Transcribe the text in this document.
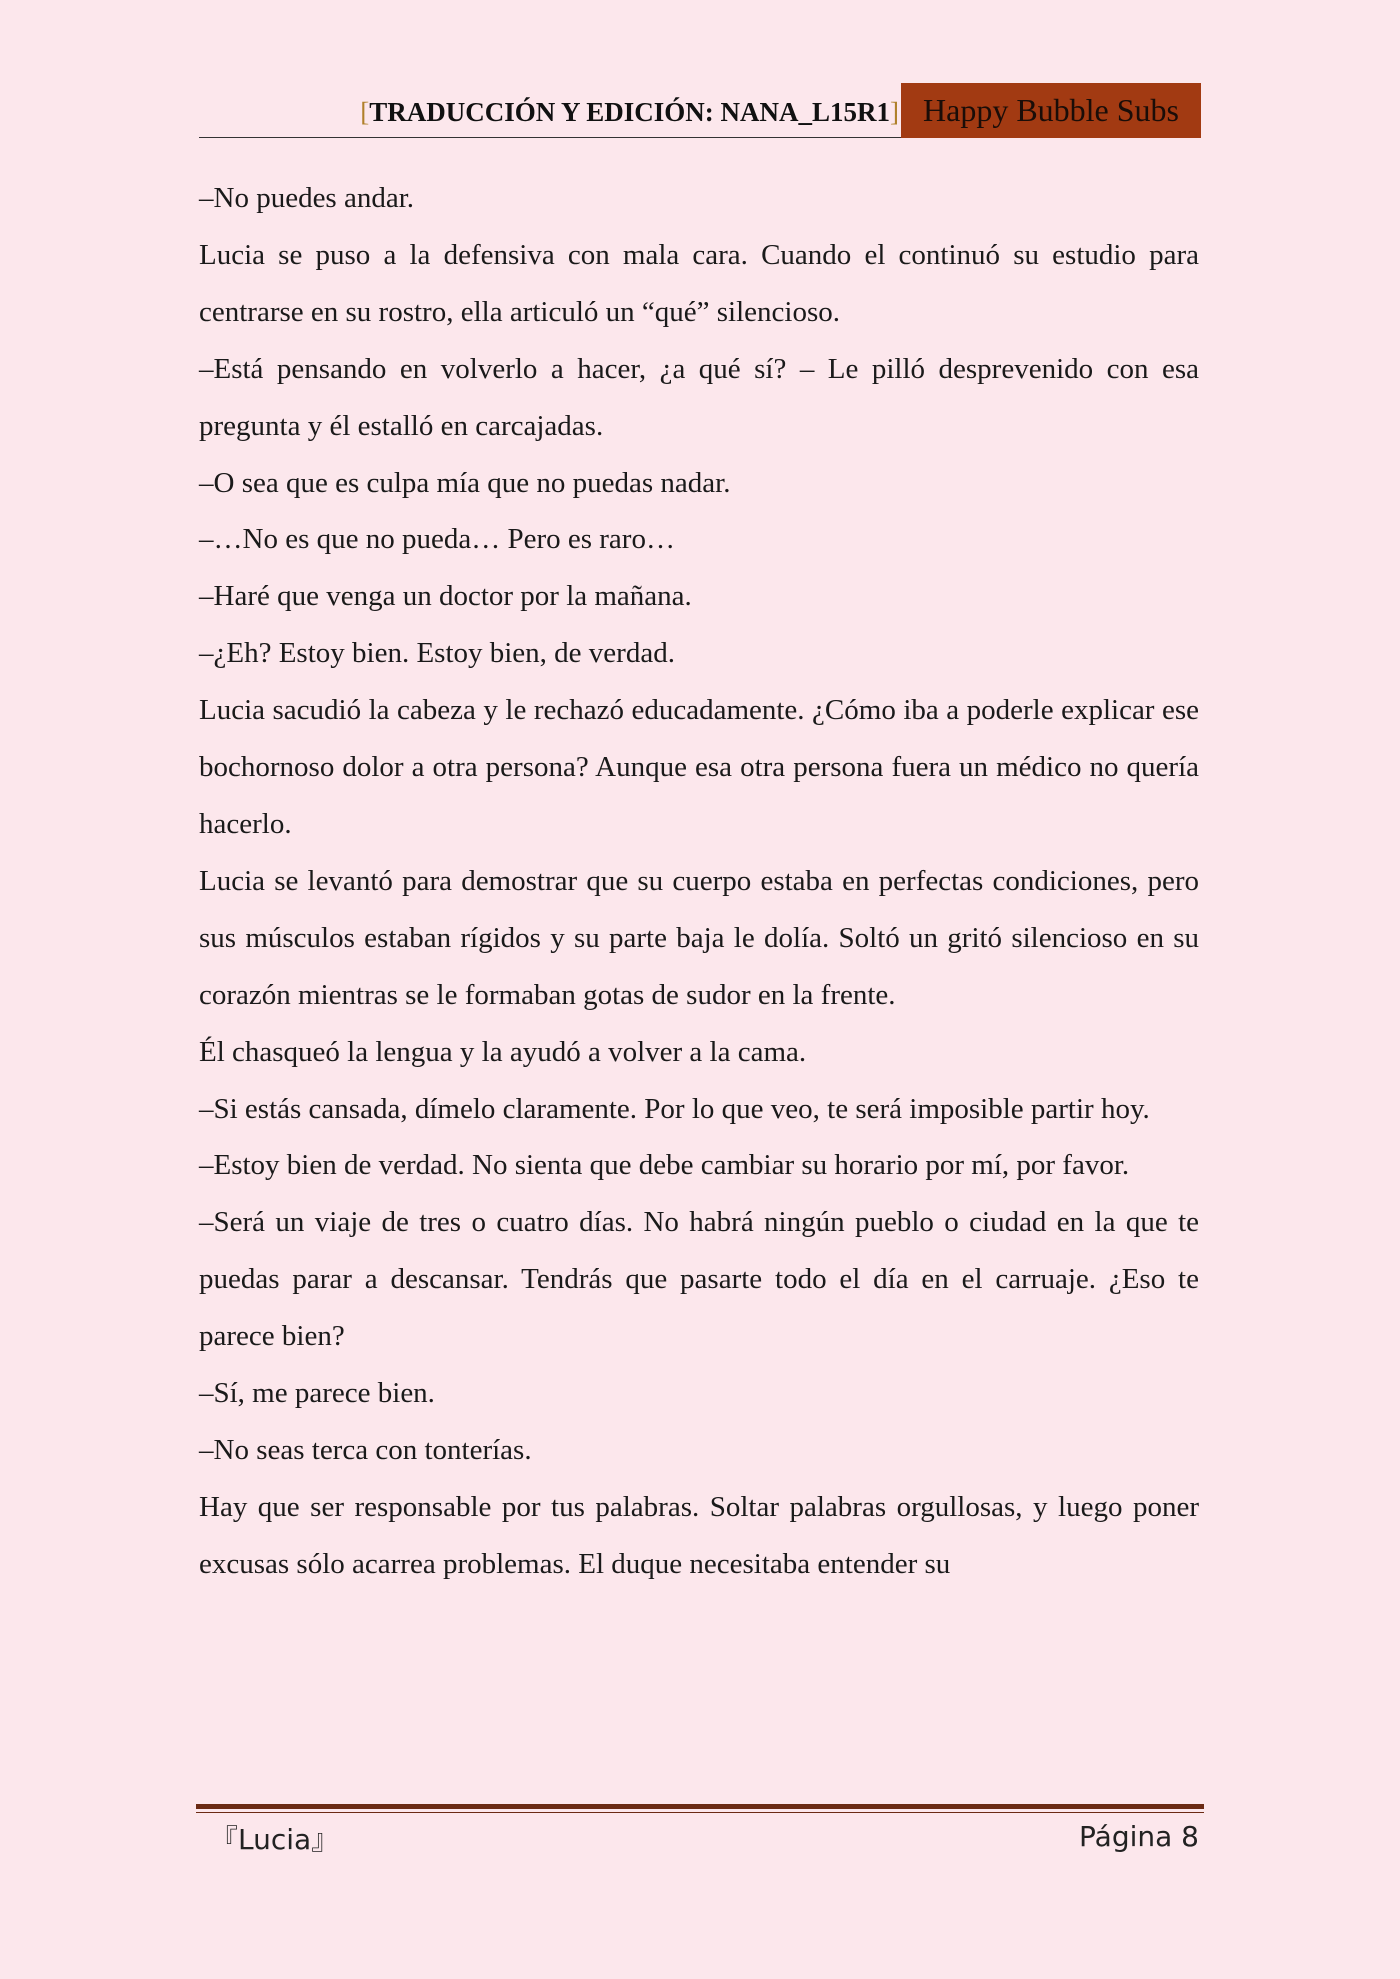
[TRADUCCIÓN Y EDICIÓN: NANA_L15R1] Happy Bubble Subs

–No puedes andar.

Lucia se puso a la defensiva con mala cara. Cuando el continuó su estudio para centrarse en su rostro, ella articuló un “qué” silencioso.

–Está pensando en volverlo a hacer, ¿a qué sí? – Le pilló desprevenido con esa pregunta y él estalló en carcajadas.

–O sea que es culpa mía que no puedas nadar.

–…No es que no pueda… Pero es raro…

–Haré que venga un doctor por la mañana.

–¿Eh? Estoy bien. Estoy bien, de verdad.

Lucia sacudió la cabeza y le rechazó educadamente. ¿Cómo iba a poderle explicar ese bochornoso dolor a otra persona? Aunque esa otra persona fuera un médico no quería hacerlo.

Lucia se levantó para demostrar que su cuerpo estaba en perfectas condiciones, pero sus músculos estaban rígidos y su parte baja le dolía. Soltó un gritó silencioso en su corazón mientras se le formaban gotas de sudor en la frente.

Él chasqueó la lengua y la ayudó a volver a la cama.

–Si estás cansada, dímelo claramente. Por lo que veo, te será imposible partir hoy.

–Estoy bien de verdad. No sienta que debe cambiar su horario por mí, por favor.

–Será un viaje de tres o cuatro días. No habrá ningún pueblo o ciudad en la que te puedas parar a descansar. Tendrás que pasarte todo el día en el carruaje. ¿Eso te parece bien?

–Sí, me parece bien.

–No seas terca con tonterías.

Hay que ser responsable por tus palabras. Soltar palabras orgullosas, y luego poner excusas sólo acarrea problemas. El duque necesitaba entender su

『Lucia』	Página 8
